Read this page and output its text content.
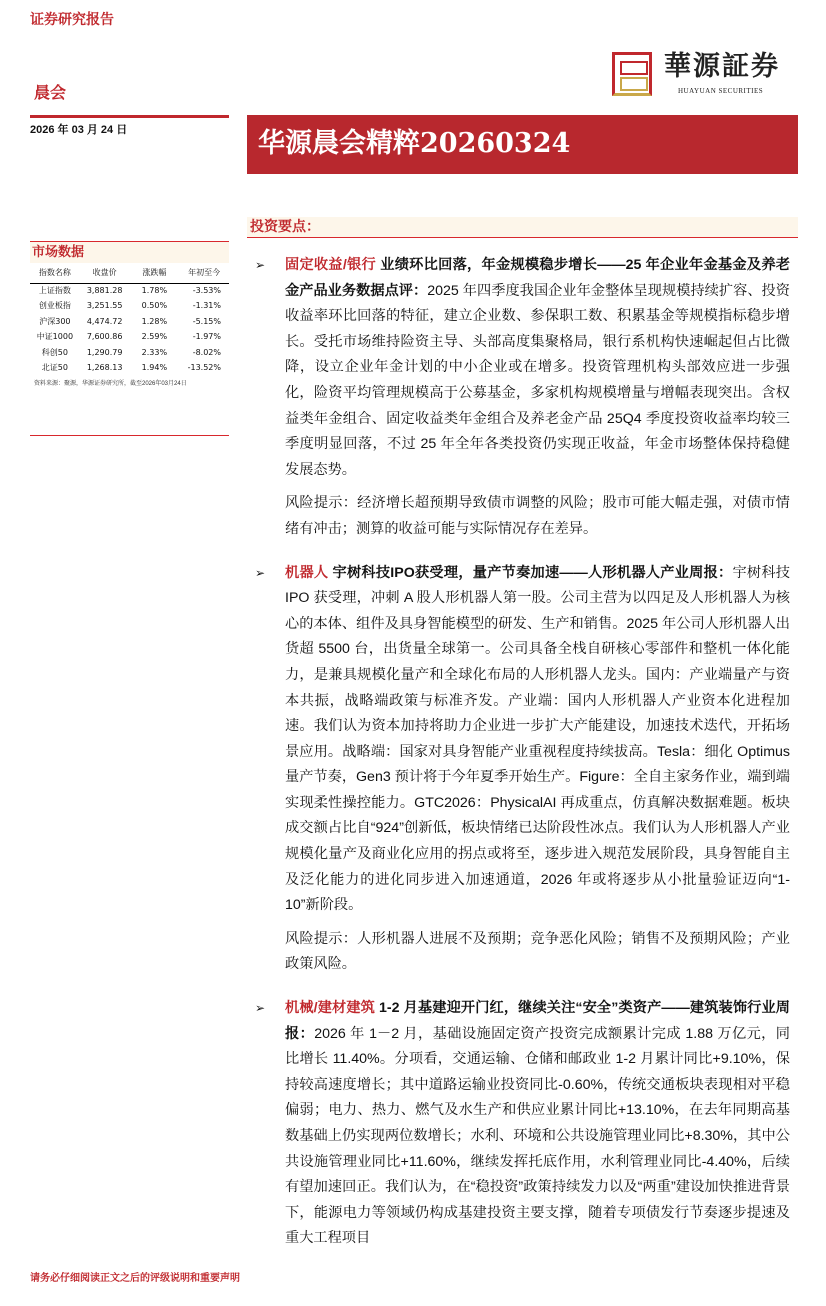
证券研究报告
晨会
2026 年 03 月 24 日
華源証券
HUAYUAN SECURITIES
华源晨会精粹20260324
投资要点：
市场数据
指数名称	收盘价	涨跌幅	年初至今
上证指数	3,881.28	1.78%	-3.53%
创业板指	3,251.55	0.50%	-1.31%
沪深300	4,474.72	1.28%	-5.15%
中证1000	7,600.86	2.59%	-1.97%
科创50	1,290.79	2.33%	-8.02%
北证50	1,268.13	1.94%	-13.52%
资料来源：聚源，华源证券研究所，截至2026年03月24日
➢ 固定收益/银行 业绩环比回落，年金规模稳步增长——25 年企业年金基金及养老金产品业务数据点评：2025 年四季度我国企业年金整体呈现规模持续扩容、投资收益率环比回落的特征，建立企业数、参保职工数、积累基金等规模指标稳步增长。受托市场维持险资主导、头部高度集聚格局，银行系机构快速崛起但占比微降，设立企业年金计划的中小企业或在增多。投资管理机构头部效应进一步强化，险资平均管理规模高于公募基金，多家机构规模增量与增幅表现突出。含权益类年金组合、固定收益类年金组合及养老金产品 25Q4 季度投资收益率均较三季度明显回落，不过 25 年全年各类投资仍实现正收益，年金市场整体保持稳健发展态势。

风险提示：经济增长超预期导致债市调整的风险；股市可能大幅走强，对债市情绪有冲击；测算的收益可能与实际情况存在差异。

➢ 机器人 宇树科技IPO获受理，量产节奏加速——人形机器人产业周报：宇树科技 IPO 获受理，冲刺 A 股人形机器人第一股。公司主营为以四足及人形机器人为核心的本体、组件及具身智能模型的研发、生产和销售。2025 年公司人形机器人出货超 5500 台，出货量全球第一。公司具备全栈自研核心零部件和整机一体化能力，是兼具规模化量产和全球化布局的人形机器人龙头。国内：产业端量产与资本共振，战略端政策与标准齐发。产业端：国内人形机器人产业资本化进程加速。我们认为资本加持将助力企业进一步扩大产能建设，加速技术迭代，开拓场景应用。战略端：国家对具身智能产业重视程度持续拔高。Tesla：细化 Optimus 量产节奏，Gen3 预计将于今年夏季开始生产。Figure：全自主家务作业，端到端实现柔性操控能力。GTC2026：PhysicalAI 再成重点，仿真解决数据难题。板块成交额占比自“924”创新低，板块情绪已达阶段性冰点。我们认为人形机器人产业规模化量产及商业化应用的拐点或将至，逐步进入规范发展阶段，具身智能自主及泛化能力的进化同步进入加速通道，2026 年或将逐步从小批量验证迈向“1-10”新阶段。

风险提示：人形机器人进展不及预期；竞争恶化风险；销售不及预期风险；产业政策风险。

➢ 机械/建材建筑 1-2 月基建迎开门红，继续关注“安全”类资产——建筑装饰行业周报：2026 年 1－2 月，基础设施固定资产投资完成额累计完成 1.88 万亿元，同比增长 11.40%。分项看，交通运输、仓储和邮政业 1-2 月累计同比+9.10%，保持较高速度增长；其中道路运输业投资同比-0.60%，传统交通板块表现相对平稳偏弱；电力、热力、燃气及水生产和供应业累计同比+13.10%，在去年同期高基数基础上仍实现两位数增长；水利、环境和公共设施管理业同比+8.30%，其中公共设施管理业同比+11.60%，继续发挥托底作用，水利管理业同比-4.40%，后续有望加速回正。我们认为，在“稳投资”政策持续发力以及“两重”建设加快推进背景下，能源电力等领域仍构成基建投资主要支撑，随着专项债发行节奏逐步提速及重大工程项目

请务必仔细阅读正文之后的评级说明和重要声明
